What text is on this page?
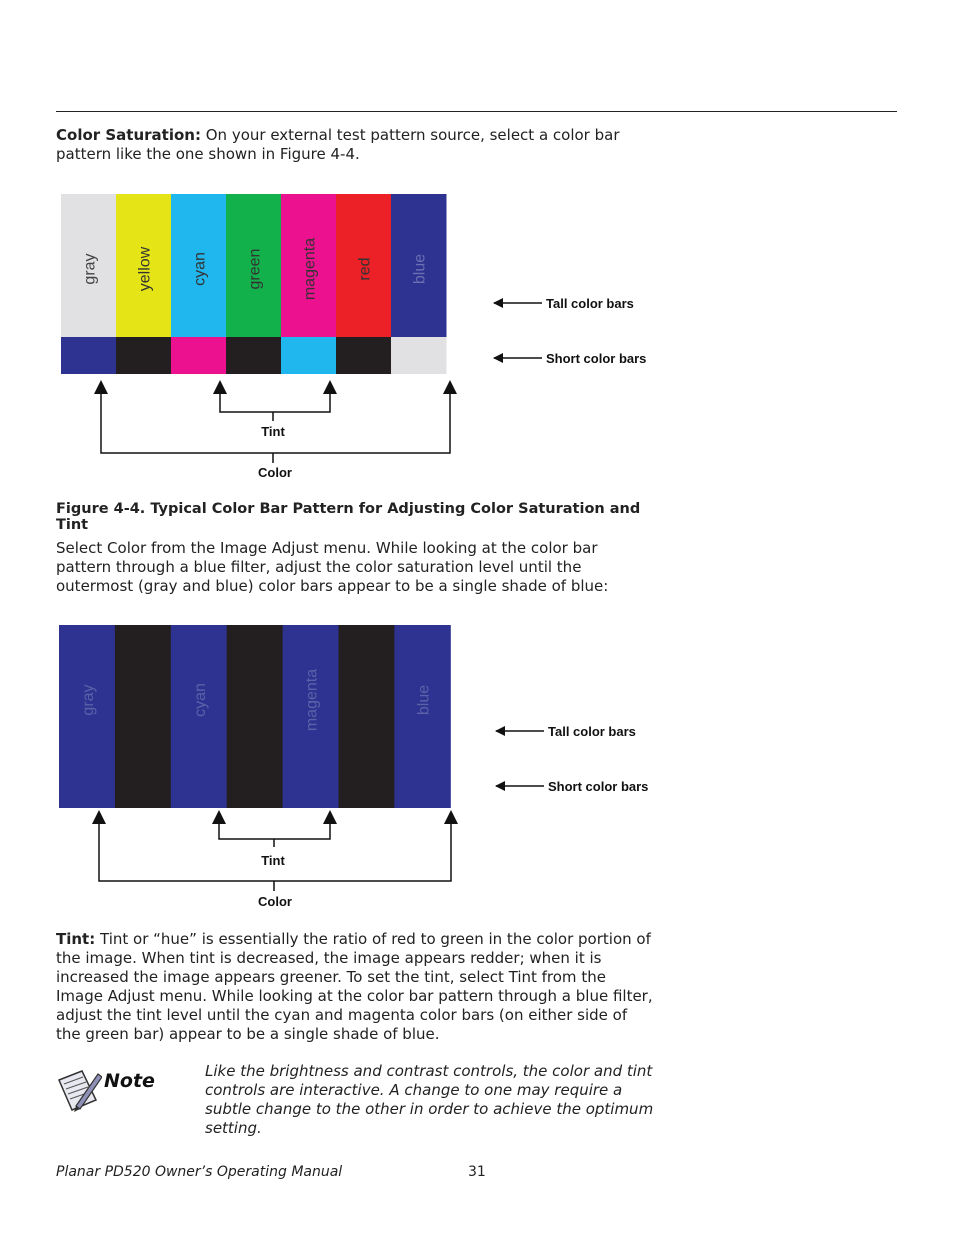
Color Saturation: On your external test pattern source, select a color bar pattern like the one shown in Figure 4-4.

gray yellow cyan green magenta red blue
Tall color bars
Short color bars
Tint
Color

Figure 4-4. Typical Color Bar Pattern for Adjusting Color Saturation and Tint

Select Color from the Image Adjust menu. While looking at the color bar pattern through a blue filter, adjust the color saturation level until the outermost (gray and blue) color bars appear to be a single shade of blue:

gray	cyan	magenta	blue
Tall color bars
Short color bars
Tint
Color

Tint: Tint or “hue” is essentially the ratio of red to green in the color portion of the image. When tint is decreased, the image appears redder; when it is increased the image appears greener. To set the tint, select Tint from the Image Adjust menu. While looking at the color bar pattern through a blue filter, adjust the tint level until the cyan and magenta color bars (on either side of the green bar) appear to be a single shade of blue.

Note	Like the brightness and contrast controls, the color and tint controls are interactive. A change to one may require a subtle change to the other in order to achieve the optimum setting.

Planar PD520 Owner’s Operating Manual	31
